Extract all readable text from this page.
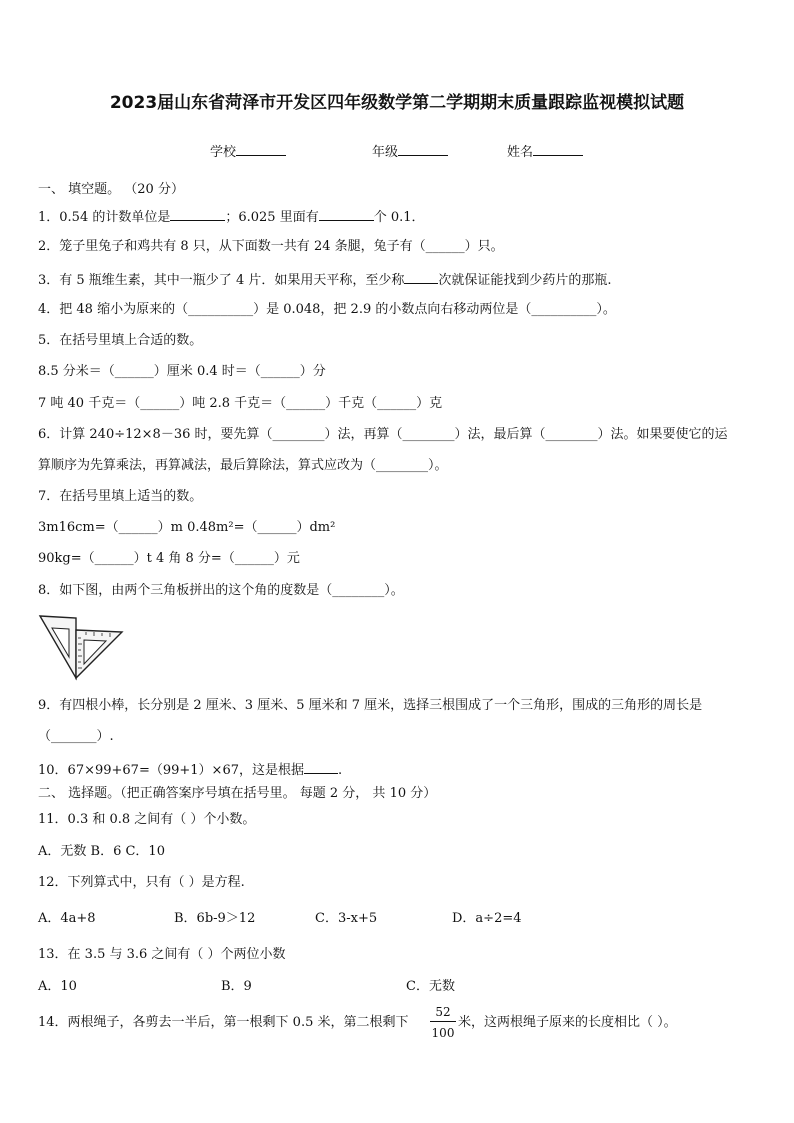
2023届山东省菏泽市开发区四年级数学第二学期期末质量跟踪监视模拟试题
学校	年级	姓名
一、 填空题。 （20 分）
1．0.54 的计数单位是	；6.025 里面有	个 0.1．
2．笼子里兔子和鸡共有 8 只，从下面数一共有 24 条腿，兔子有（______）只。
3．有 5 瓶维生素，其中一瓶少了 4 片．如果用天平称，至少称	次就保证能找到少药片的那瓶.
4．把 48 缩小为原来的（__________）是 0.048，把 2.9 的小数点向右移动两位是（__________）。
5．在括号里填上合适的数。
8.5 分米＝（______）厘米 0.4 时＝（______）分
7 吨 40 千克＝（______）吨 2.8 千克＝（______）千克（______）克
6．计算 240÷12×8－36 时，要先算（________）法，再算（________）法，最后算（________）法。如果要使它的运
算顺序为先算乘法，再算减法，最后算除法，算式应改为（________）。
7．在括号里填上适当的数。
3m16cm=（______）m 0.48m²=（______）dm²
90kg=（______）t 4 角 8 分=（______）元
8．如下图，由两个三角板拼出的这个角的度数是（________）。
9．有四根小棒，长分别是 2 厘米、3 厘米、5 厘米和 7 厘米，选择三根围成了一个三角形，围成的三角形的周长是
（_______）.
10．67×99+67=（99+1）×67，这是根据	.
二、 选择题。（把正确答案序号填在括号里。 每题 2 分， 共 10 分）
11．0.3 和 0.8 之间有（ ）个小数。
A．无数 B．6 C．10
12．下列算式中，只有（ ）是方程.
A．4a+8	B．6b-9＞12	C．3-x+5	D．a÷2=4
13．在 3.5 与 3.6 之间有（ ）个两位小数
A．10	B．9	C．无数
14．两根绳子，各剪去一半后，第一根剩下 0.5 米，第二根剩下
52
100
米，这两根绳子原来的长度相比（ ）。
